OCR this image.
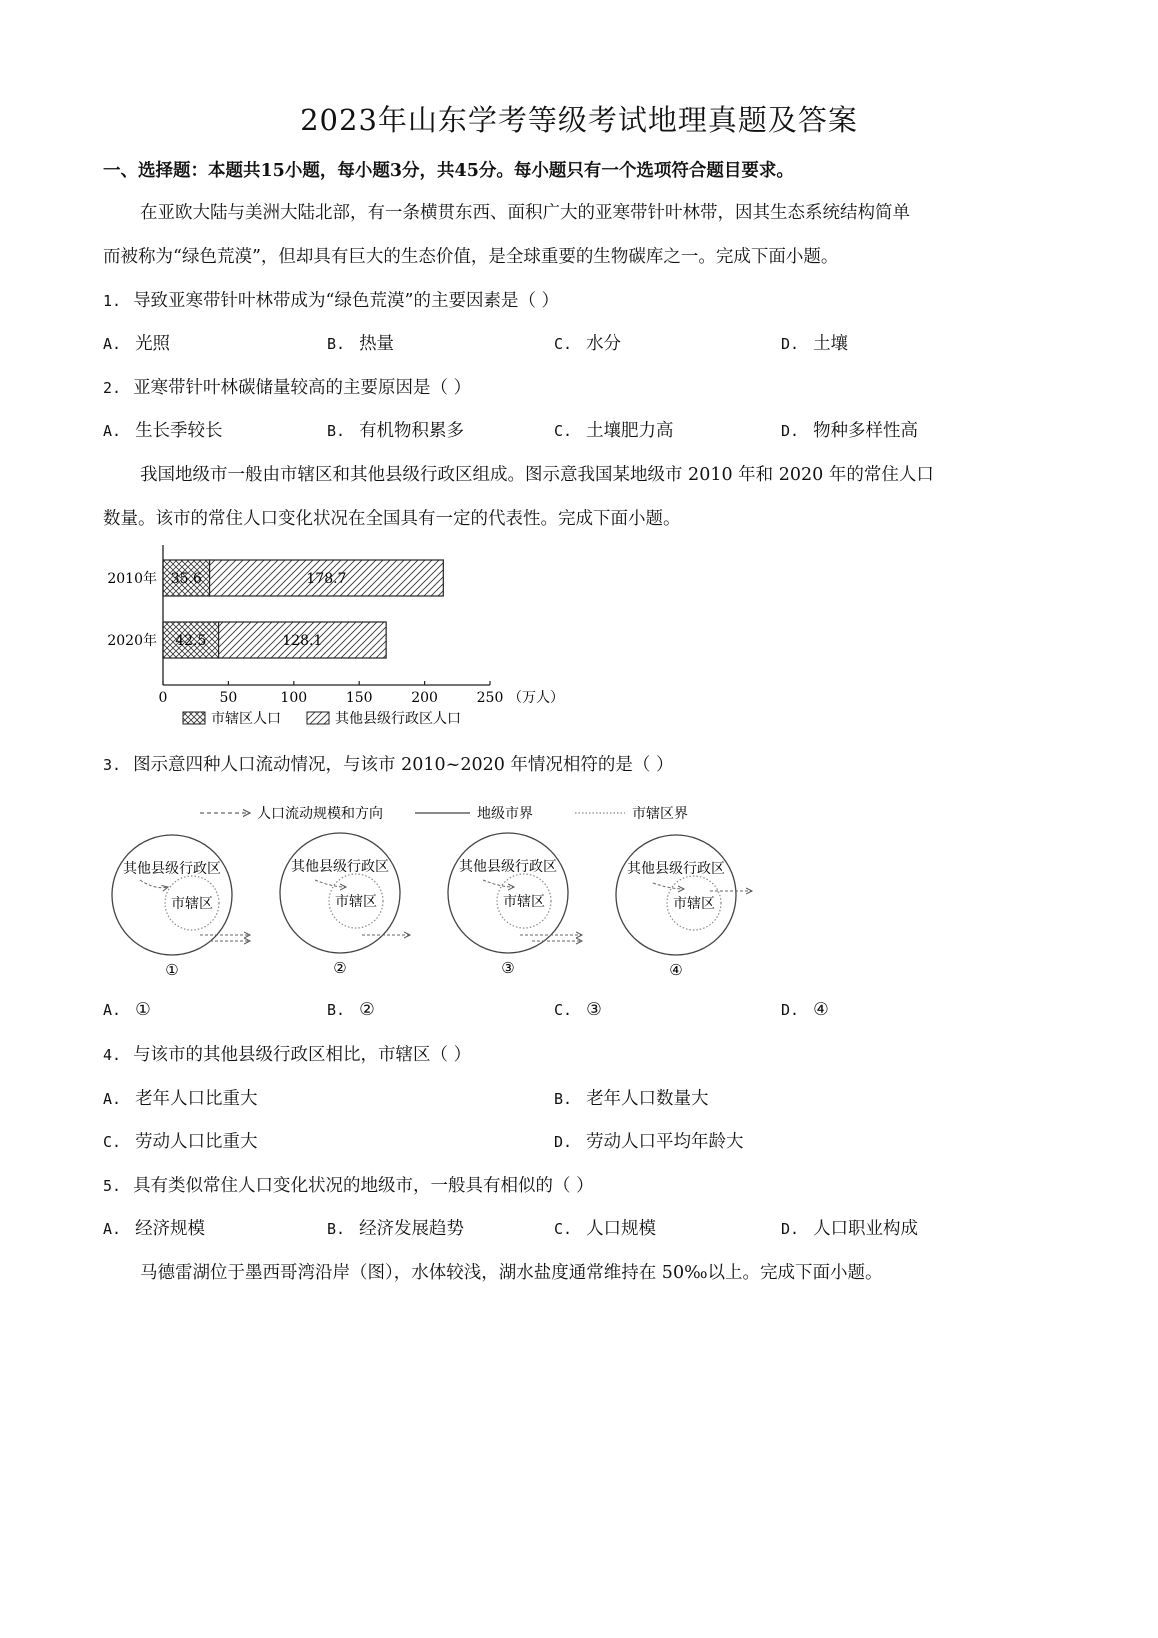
2023年山东学考等级考试地理真题及答案
一、选择题：本题共15小题，每小题3分，共45分。每小题只有一个选项符合题目要求。
在亚欧大陆与美洲大陆北部，有一条横贯东西、面积广大的亚寒带针叶林带，因其生态系统结构简单
而被称为“绿色荒漠”，但却具有巨大的生态价值，是全球重要的生物碳库之一。完成下面小题。
1. 导致亚寒带针叶林带成为“绿色荒漠”的主要因素是（ ）
A. 光照	B. 热量	C. 水分	D. 土壤
2. 亚寒带针叶林碳储量较高的主要原因是（ ）
A. 生长季较长	B. 有机物积累多	C. 土壤肥力高	D. 物种多样性高
我国地级市一般由市辖区和其他县级行政区组成。图示意我国某地级市 2010 年和 2020 年的常住人口
数量。该市的常住人口变化状况在全国具有一定的代表性。完成下面小题。
2010年 35.6	178.7
2020年 42.5	128.1
0	50	100	150	200	250 （万人）
市辖区人口	其他县级行政区人口
3. 图示意四种人口流动情况，与该市 2010~2020 年情况相符的是（ ）
人口流动规模和方向	地级市界	市辖区界
其他县级行政区
市辖区
①
其他县级行政区
市辖区
②
其他县级行政区
市辖区
③
其他县级行政区
市辖区
④
A. ①	B. ②	C. ③	D. ④
4. 与该市的其他县级行政区相比，市辖区（ ）
A. 老年人口比重大	B. 老年人口数量大
C. 劳动人口比重大	D. 劳动人口平均年龄大
5. 具有类似常住人口变化状况的地级市，一般具有相似的（ ）
A. 经济规模	B. 经济发展趋势	C. 人口规模	D. 人口职业构成
马德雷湖位于墨西哥湾沿岸（图），水体较浅，湖水盐度通常维持在 50‰以上。完成下面小题。
